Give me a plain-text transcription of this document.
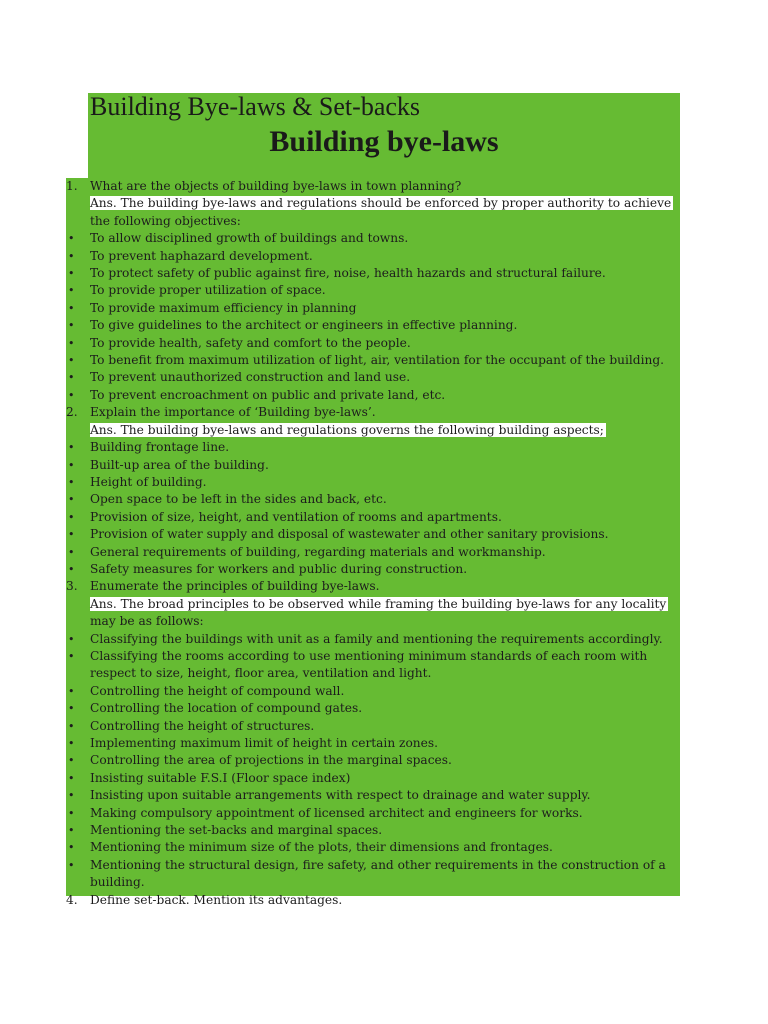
Building Bye-laws & Set-backs
Building bye-laws
1.	What are the objects of building bye-laws in town planning?
Ans. The building bye-laws and regulations should be enforced by proper authority to achieve
the following objectives:
•	To allow disciplined growth of buildings and towns.
•	To prevent haphazard development.
•	To protect safety of public against fire, noise, health hazards and structural failure.
•	To provide proper utilization of space.
•	To provide maximum efficiency in planning
•	To give guidelines to the architect or engineers in effective planning.
•	To provide health, safety and comfort to the people.
•	To benefit from maximum utilization of light, air, ventilation for the occupant of the building.
•	To prevent unauthorized construction and land use.
•	To prevent encroachment on public and private land, etc.
2.	Explain the importance of ‘Building bye-laws’.
Ans. The building bye-laws and regulations governs the following building aspects;
•	Building frontage line.
•	Built-up area of the building.
•	Height of building.
•	Open space to be left in the sides and back, etc.
•	Provision of size, height, and ventilation of rooms and apartments.
•	Provision of water supply and disposal of wastewater and other sanitary provisions.
•	General requirements of building, regarding materials and workmanship.
•	Safety measures for workers and public during construction.
3.	Enumerate the principles of building bye-laws.
Ans. The broad principles to be observed while framing the building bye-laws for any locality
may be as follows:
•	Classifying the buildings with unit as a family and mentioning the requirements accordingly.
•	Classifying the rooms according to use mentioning minimum standards of each room with
respect to size, height, floor area, ventilation and light.
•	Controlling the height of compound wall.
•	Controlling the location of compound gates.
•	Controlling the height of structures.
•	Implementing maximum limit of height in certain zones.
•	Controlling the area of projections in the marginal spaces.
•	Insisting suitable F.S.I (Floor space index)
•	Insisting upon suitable arrangements with respect to drainage and water supply.
•	Making compulsory appointment of licensed architect and engineers for works.
•	Mentioning the set-backs and marginal spaces.
•	Mentioning the minimum size of the plots, their dimensions and frontages.
•	Mentioning the structural design, fire safety, and other requirements in the construction of a
building.
4.	Define set-back. Mention its advantages.
